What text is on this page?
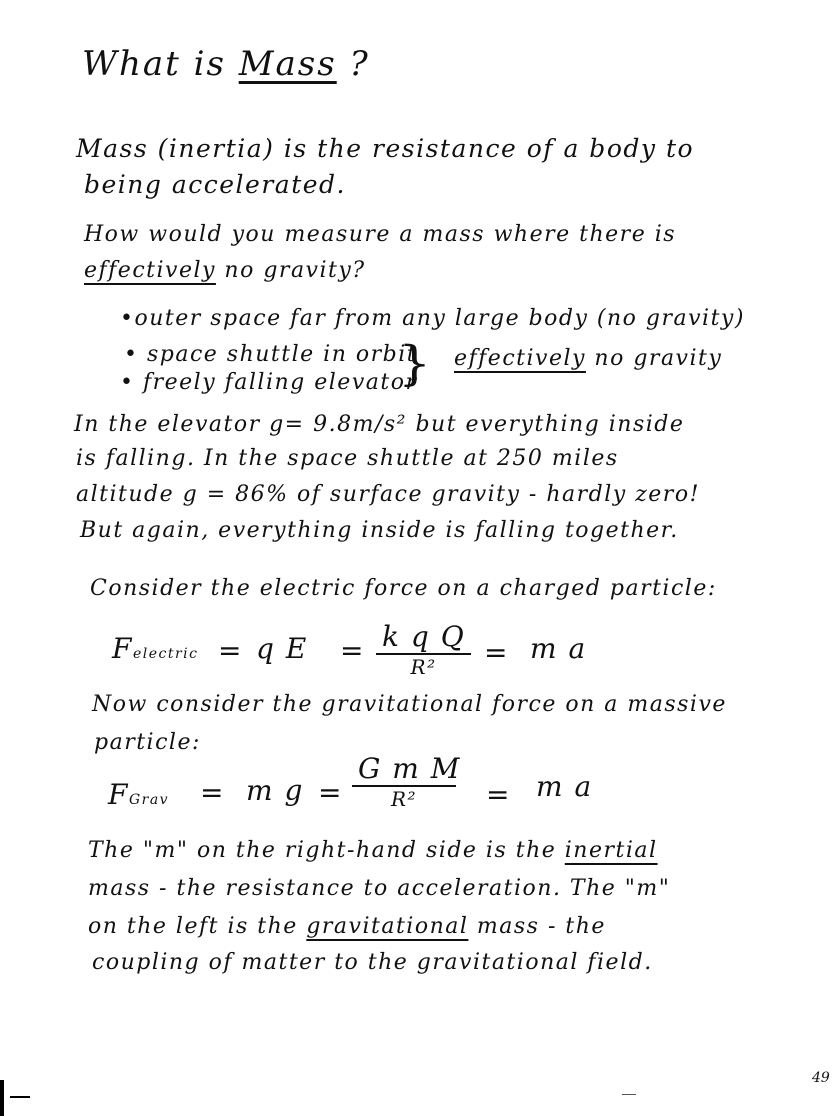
What is Mass ?
Mass (inertia) is the resistance of a body to
being accelerated.
How would you measure a mass where there is
effectively no gravity?
•outer space far from any large body (no gravity)
• space shuttle in orbit
• freely falling elevator
} effectively no gravity
In the elevator g= 9.8m/s² but everything inside
is falling. In the space shuttle at 250 miles
altitude g = 86% of surface gravity - hardly zero!
But again, everything inside is falling together.
Consider the electric force on a charged particle:
Felectric = q E = k q Q
R²	= m a
Now consider the gravitational force on a massive
particle:
FGrav = m g =
G m M
R²	= m a
The "m" on the right-hand side is the inertial
mass - the resistance to acceleration. The "m"
on the left is the gravitational mass - the
coupling of matter to the gravitational field.
49
